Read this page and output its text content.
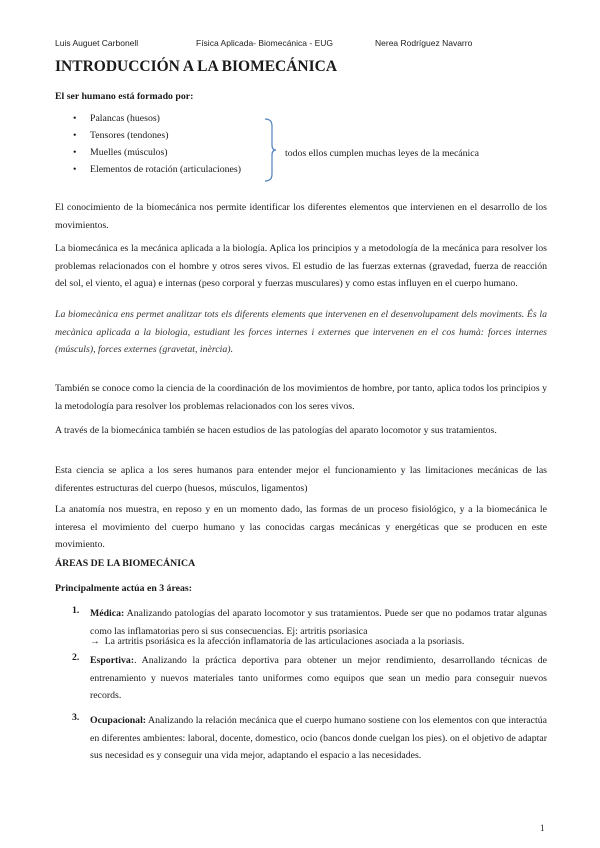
Luis Auguet Carbonell	Física Aplicada- Biomecánica - EUG	Nerea Rodríguez Navarro
INTRODUCCIÓN A LA BIOMECÁNICA

El ser humano está formado por:

• Palancas (huesos)
• Tensores (tendones)
• Muelles (músculos)
• Elementos de rotación (articulaciones)
todos ellos cumplen muchas leyes de la mecánica

El conocimiento de la biomecánica nos permite identificar los diferentes elementos que intervienen en el desarrollo de los movimientos.

La biomecánica es la mecánica aplicada a la biología. Aplica los principios y a metodología de la mecánica para resolver los problemas relacionados con el hombre y otros seres vivos. El estudio de las fuerzas externas (gravedad, fuerza de reacción del sol, el viento, el agua) e internas (peso corporal y fuerzas musculares) y como estas influyen en el cuerpo humano.

La biomecànica ens permet analitzar tots els diferents elements que intervenen en el desenvolupament dels moviments. És la mecànica aplicada a la biologia, estudiant les forces internes i externes que intervenen en el cos humà: forces internes (músculs), forces externes (gravetat, inèrcia).

También se conoce como la ciencia de la coordinación de los movimientos de hombre, por tanto, aplica todos los principios y la metodología para resolver los problemas relacionados con los seres vivos.

A través de la biomecánica también se hacen estudios de las patologías del aparato locomotor y sus tratamientos.

Esta ciencia se aplica a los seres humanos para entender mejor el funcionamiento y las limitaciones mecánicas de las diferentes estructuras del cuerpo (huesos, músculos, ligamentos)

La anatomía nos muestra, en reposo y en un momento dado, las formas de un proceso fisiológico, y a la biomecánica le interesa el movimiento del cuerpo humano y las conocidas cargas mecánicas y energéticas que se producen en este movimiento.

ÁREAS DE LA BIOMECÁNICA

Principalmente actúa en 3 áreas:

1. Médica: Analizando patologías del aparato locomotor y sus tratamientos. Puede ser que no podamos tratar algunas como las inflamatorias pero si sus consecuencias. Ej: artritis psoriasica

→  La artritis psoriásica es la afección inflamatoria de las articulaciones asociada a la psoriasis.
2. Esportiva:. Analizando la práctica deportiva para obtener un mejor rendimiento, desarrollando técnicas de entrenamiento y nuevos materiales tanto uniformes como equipos que sean un medio para conseguir nuevos records.

3. Ocupacional: Analizando la relación mecánica que el cuerpo humano sostiene con los elementos con que interactúa en diferentes ambientes: laboral, docente, domestico, ocio (bancos donde cuelgan los pies). on el objetivo de adaptar sus necesidad es y conseguir una vida mejor, adaptando el espacio a las necesidades.

1
